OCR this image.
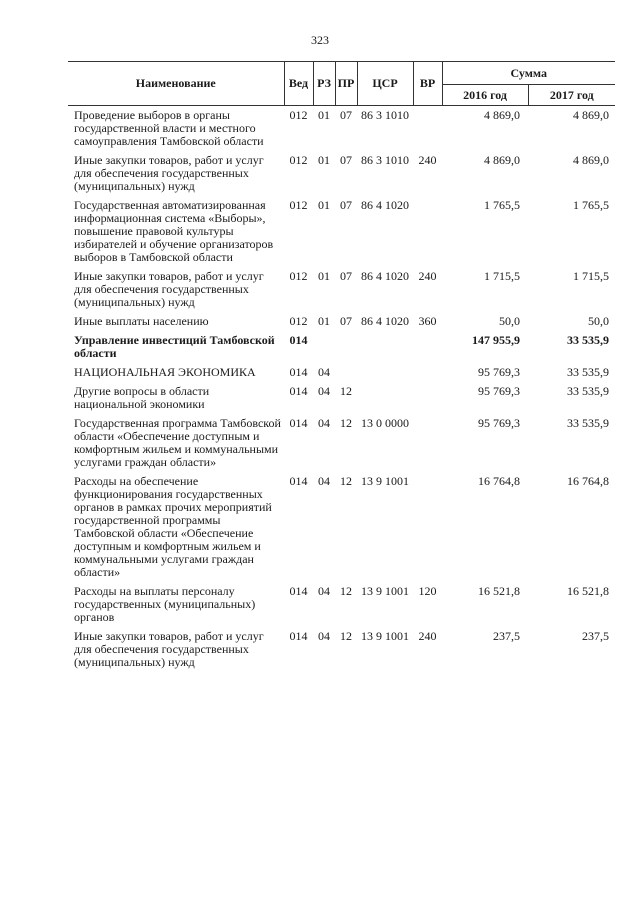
323
Наименование	Вед	РЗ	ПР	ЦСР	ВР	Сумма	
						2016 год	2017 год
Проведение выборов в органы государственной власти и местного самоуправления Тамбовской области	012	01	07	86 3 1010		4 869,0	4 869,0

Иные закупки товаров, работ и услуг для обеспечения государственных (муниципальных) нужд	012	01	07	86 3 1010	240	4 869,0	4 869,0

Государственная автоматизированная информационная система «Выборы», повышение правовой культуры избирателей и обучение организаторов выборов в Тамбовской области	012	01	07	86 4 1020		1 765,5	1 765,5

Иные закупки товаров, работ и услуг для обеспечения государственных (муниципальных) нужд	012	01	07	86 4 1020	240	1 715,5	1 715,5

Иные выплаты населению	012	01	07	86 4 1020	360	50,0	50,0

Управление инвестиций Тамбовской области	014					147 955,9	33 535,9

НАЦИОНАЛЬНАЯ ЭКОНОМИКА	014	04				95 769,3	33 535,9

Другие вопросы в области национальной экономики	014	04	12			95 769,3	33 535,9

Государственная программа Тамбовской области «Обеспечение доступным и комфортным жильем и коммунальными услугами граждан области»	014	04	12	13 0 0000		95 769,3	33 535,9

Расходы на обеспечение функционирования государственных органов в рамках прочих мероприятий государственной программы Тамбовской области «Обеспечение доступным и комфортным жильем и коммунальными услугами граждан области»	014	04	12	13 9 1001		16 764,8	16 764,8

Расходы на выплаты персоналу государственных (муниципальных) органов	014	04	12	13 9 1001	120	16 521,8	16 521,8

Иные закупки товаров, работ и услуг для обеспечения государственных (муниципальных) нужд	014	04	12	13 9 1001	240	237,5	237,5
